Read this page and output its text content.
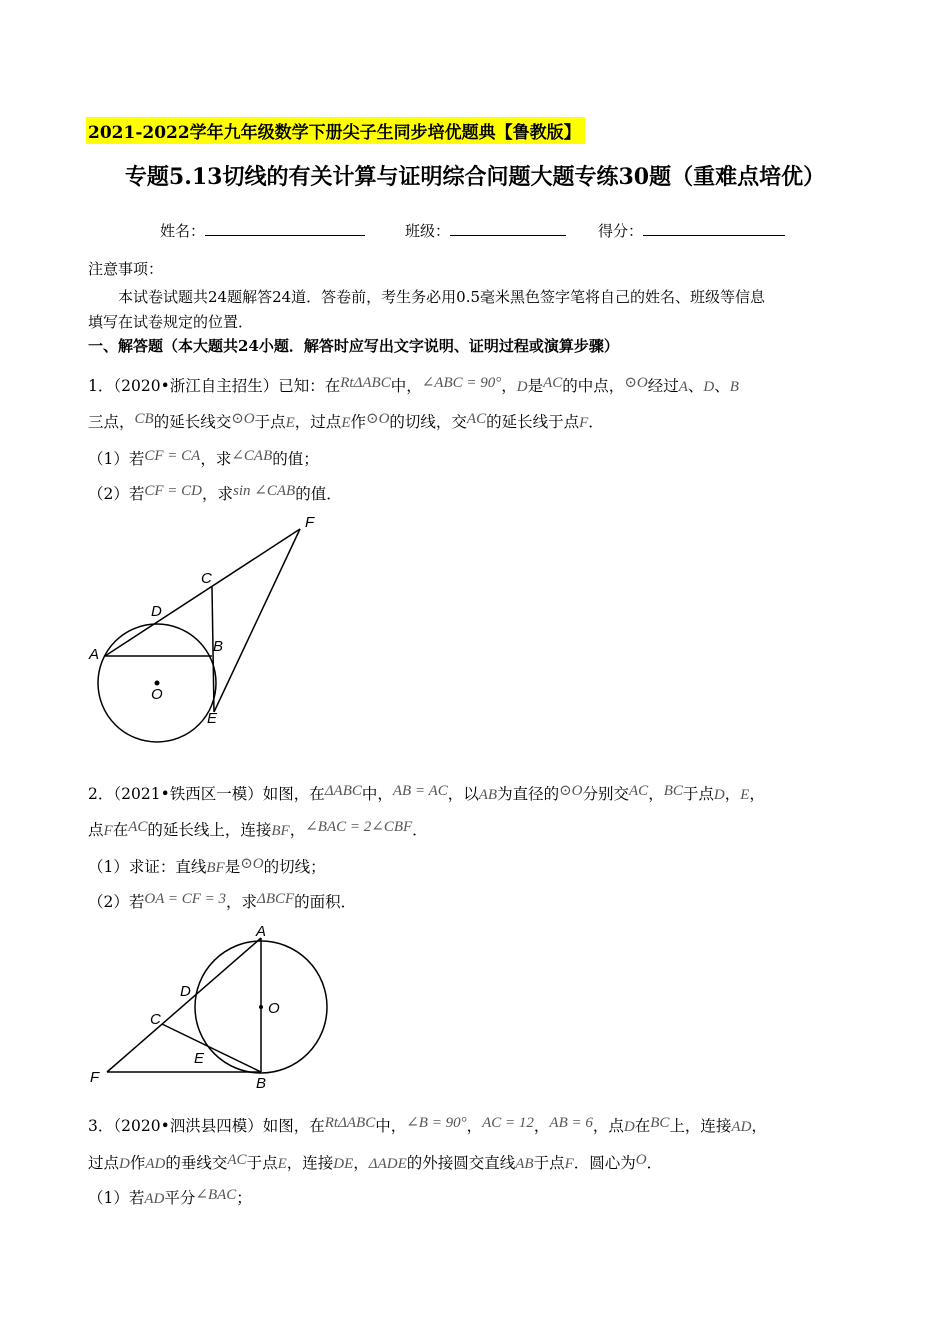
2021-2022学年九年级数学下册尖子生同步培优题典【鲁教版】
专题5.13切线的有关计算与证明综合问题大题专练30题（重难点培优）
姓名：	班级：	得分：
注意事项：
本试卷试题共24题解答24道．答卷前，考生务必用0.5毫米黑色签字笔将自己的姓名、班级等信息
填写在试卷规定的位置．
一、解答题（本大题共24小题．解答时应写出文字说明、证明过程或演算步骤）
1．（2020•浙江自主招生）已知：在RtΔABC中，∠ABC = 90°，D是AC的中点，⊙O经过A、D、B
三点，CB的延长线交⊙O于点E，过点E作⊙O的切线，交AC的延长线于点F．
（1）若CF = CA，求∠CAB的值；
（2）若CF = CD，求sin ∠CAB的值．
F
C
D
A	B
O
E
2．（2021•铁西区一模）如图，在ΔABC中，AB = AC，以AB为直径的⊙O分别交AC，BC于点D，E，
点F在AC的延长线上，连接BF，∠BAC = 2∠CBF．
（1）求证：直线BF是⊙O的切线；
（2）若OA = CF = 3，求ΔBCF的面积．
A
D
O
C
E
F	B
3．（2020•泗洪县四模）如图，在RtΔABC中，∠B = 90°，AC = 12，AB = 6，点D在BC上，连接AD，
过点D作AD的垂线交AC于点E，连接DE，ΔADE的外接圆交直线AB于点F．圆心为O．
（1）若AD平分∠BAC；
